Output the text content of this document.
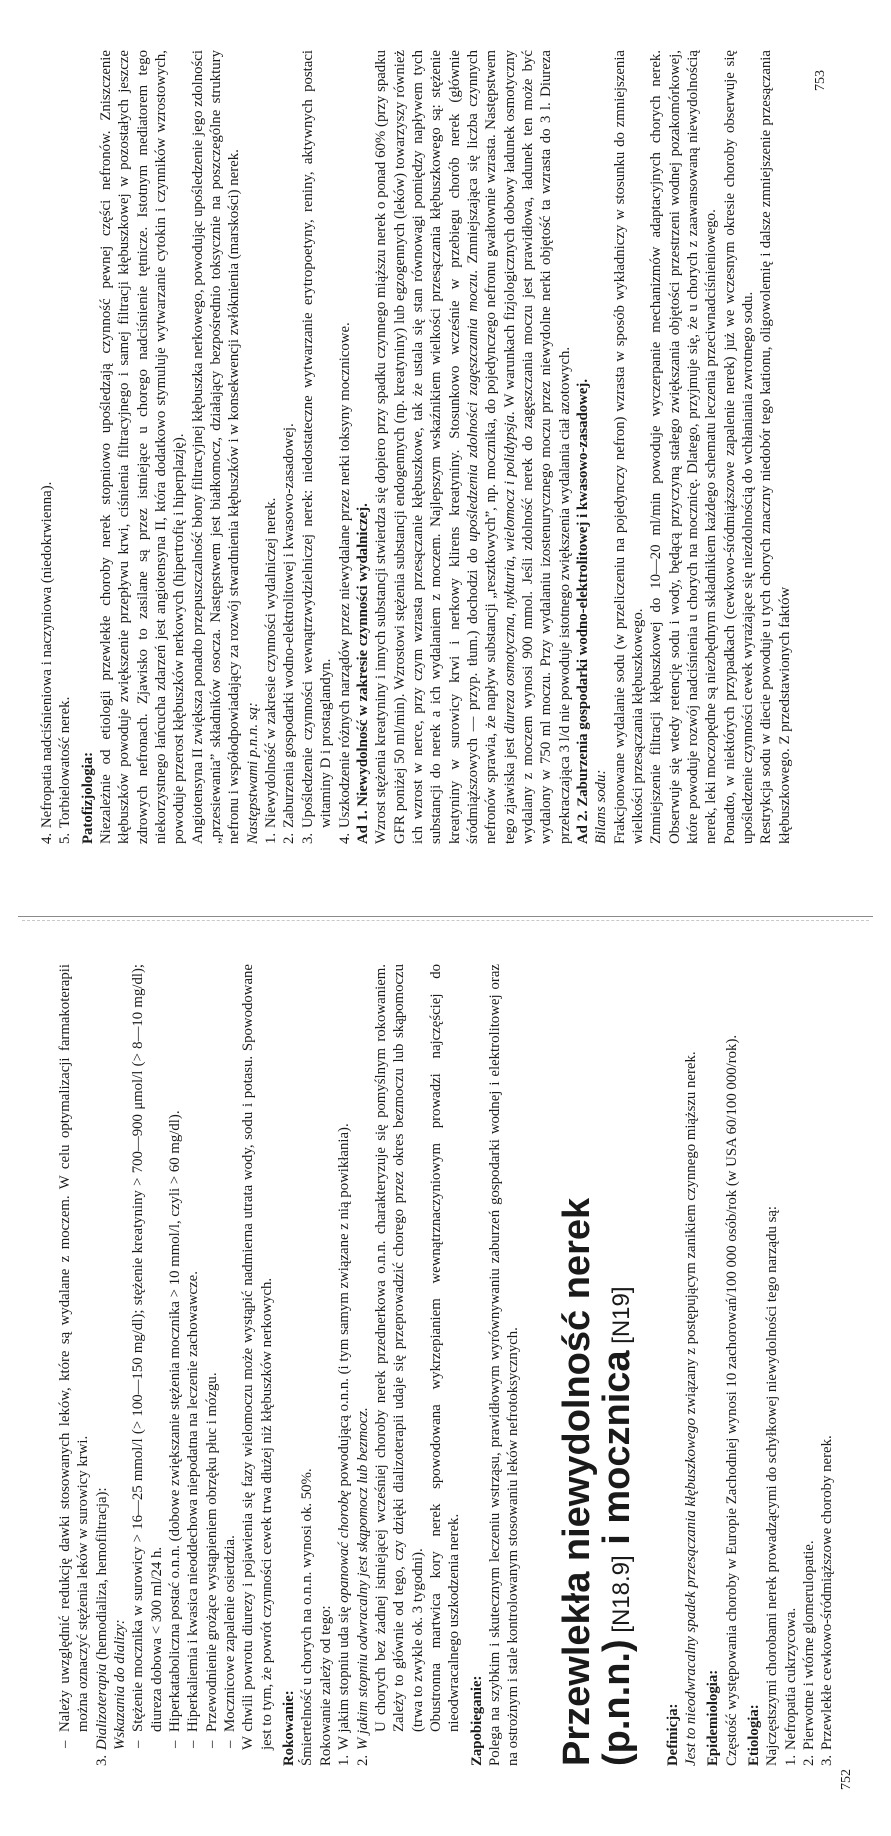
4.
Nefropatia nadciśnieniowa i naczyniowa (niedokrwienna).
5.
Torbielowatość nerek. Patofizjologia: Niezależnie od etiologii przewlekłe choroby nerek stopniowo upośledzają czynność pewnej części nefronów. Zniszczenie kłębuszków powoduje zwiększenie przepływu krwi, ciśnienia filtracyjnego i samej filtracji kłębuszkowej w pozostałych jeszcze zdrowych nefronach. Zjawisko to zasilane są przez istniejące u chorego nadciśnienie tętnicze. Istotnym mediatorem tego niekorzystnego łańcucha zdarzeń jest angiotensyna II, która dodatkowo stymuluje wytwarzanie cytokin i czynników wzrostowych, powoduje przerost kłębuszków nerkowych (hipertrofię i hiperplazję). Angiotensyna II zwiększa ponadto przepuszczalność błony filtracyjnej kłębuszka nerkowego, powodując upośledzenie jego zdolności „przesiewania” składników osocza. Następstwem jest białkomocz, działający bezpośrednio toksycznie na poszczególne struktury nefronu i współodpowiadający za rozwój stwardnienia kłębuszków i w konsekwencji zwłóknienia (marskości) nerek. Następstwami p.n.n. są: 1.
Niewydolność w zakresie czynności wydalniczej nerek.
2.
Zaburzenia gospodarki wodno-elektrolitowej i kwasowo-zasadowej.
3.
Upośledzenie czynności wewnątrzwydzielniczej nerek: niedostateczne wytwarzanie erytropoetyny, reniny, aktywnych postaci witaminy D i prostaglandyn.
4.
Uszkodzenie różnych narządów przez niewydalane przez nerki toksyny mocznicowe. Ad 1. Niewydolność w zakresie czynności wydalniczej. Wzrost stężenia kreatyniny i innych substancji stwierdza się dopiero przy spadku czynnego miąższu nerek o ponad 60% (przy spadku GFR poniżej 50 ml/min). Wzrostowi stężenia substancji endogennych (np. kreatyniny) lub egzogennych (leków) towarzyszy również ich wzrost w nerce, przy czym wzrasta przesączanie kłębuszkowe, tak że ustala się stan równowagi pomiędzy napływem tych substancji do nerek a ich wydalaniem z moczem. Najlepszym wskaźnikiem wielkości przesączania kłębuszkowego są: stężenie kreatyniny w surowicy krwi i nerkowy klirens kreatyniny. Stosunkowo wcześnie w przebiegu chorób nerek (głównie śródmiąższowych — przyp. tłum.) dochodzi do upośledzenia zdolności zagęszczania moczu. Zmniejszająca się liczba czynnych nefronów sprawia, że napływ substancji „resztkowych”, np. mocznika, do pojedynczego nefronu gwałtownie wzrasta. Następstwem tego zjawiska jest diureza osmotyczna, nykturia, wielomocz i polidypsja. W warunkach fizjologicznych dobowy ładunek osmotyczny wydalany z moczem wynosi 900 mmol. Jeśli zdolność nerek do zagęszczania moczu jest prawidłowa, ładunek ten może być wydalony w 750 ml moczu. Przy wydalaniu izostenurycznego moczu przez niewydolne nerki objętość ta wzrasta do 3 l. Diureza przekraczająca 3 l/d nie powoduje istotnego zwiększenia wydalania ciał azotowych. Ad 2. Zaburzenia gospodarki wodno-elektrolitowej i kwasowo-zasadowej. Bilans sodu: Frakcjonowane wydalanie sodu (w przeliczeniu na pojedynczy nefron) wzrasta w sposób wykładniczy w stosunku do zmniejszenia wielkości przesączania kłębuszkowego. Zmniejszenie filtracji kłębuszkowej do 10—20 ml/min powoduje wyczerpanie mechanizmów adaptacyjnych chorych nerek. Obserwuje się wtedy retencję sodu i wody, będącą przyczyną stałego zwiększania objętości przestrzeni wodnej pozakomórkowej, które powoduje rozwój nadciśnienia u chorych na mocznicę. Dlatego, przyjmuje się, że u chorych z zaawansowaną niewydolnością nerek, leki moczopędne są niezbędnym składnikiem każdego schematu leczenia przeciwnadciśnieniowego. Ponadto, w niektórych przypadkach (cewkowo-śródmiąższowe zapalenie nerek) już we wczesnym okresie choroby obserwuje się upośledzenie czynności cewek wyrażające się niezdolnością do wchłaniania zwrotnego sodu. Restrykcja sodu w diecie powoduje u tych chorych znaczny niedobór tego kationu, oligowolemię i dalsze zmniejszenie przesączania kłębuszkowego. Z przedstawionych faktów

753
–
Należy uwzględnić redukcję dawki stosowanych leków, które są wydalane z moczem. W celu optymalizacji farmakoterapii można oznaczyć stężenia leków w surowicy krwi.
3.
Dializoterapia (hemodializa, hemofiltracja):

Wskazania do dializy: –
Stężenie mocznika w surowicy > 16—25 mmol/l (> 100—150 mg/dl); stężenie kreatyniny > 700—900 μmol/l (> 8—10 mg/dl); diureza dobowa < 300 ml/24 h.
–
Hiperkataboliczna postać o.n.n. (dobowe zwiększanie stężenia mocznika > 10 mmol/l, czyli > 60 mg/dl).
–
Hiperkaliemia i kwasica nieoddechowa niepodatna na leczenie zachowawcze.
–
Przewodnienie grożące wystąpieniem obrzęku płuc i mózgu.
–
Mocznicowe zapalenie osierdzia. W chwili powrotu diurezy i pojawienia się fazy wielomoczu może wystąpić nadmierna utrata wody, sodu i potasu. Spowodowane jest to tym, że powrót czynności cewek trwa dłużej niż kłębuszków nerkowych. Rokowanie: Śmiertelność u chorych na o.n.n. wynosi ok. 50%. Rokowanie zależy od tego: 1.
W jakim stopniu uda się opanować chorobę powodującą o.n.n. (i tym samym związane z nią powikłania).
2.
W jakim stopniu odwracalny jest skąpomocz lub bezmocz. U chorych bez żadnej istniejącej wcześniej choroby nerek przednerkowa o.n.n. charakteryzuje się pomyślnym rokowaniem. Zależy to głównie od tego, czy dzięki dializoterapii udaje się przeprowadzić chorego przez okres bezmoczu lub skąpomoczu (trwa to zwykle ok. 3 tygodni). Obustronna martwica kory nerek spowodowana wykrzepianiem wewnątrznaczyniowym prowadzi najczęściej do nieodwracalnego uszkodzenia nerek. Zapobieganie: Polega na szybkim i skutecznym leczeniu wstrząsu, prawidłowym wyrównywaniu zaburzeń gospodarki wodnej i elektrolitowej oraz na ostrożnym i stale kontrolowanym stosowaniu leków nefrotoksycznych. Przewlekła niewydolność nerek
(p.n.n.) [N18.9] i mocznica [N19]

Definicja: Jest to nieodwracalny spadek przesączania kłębuszkowego związany z postępującym zanikiem czynnego miąższu nerek.

Epidemiologia: Częstość występowania choroby w Europie Zachodniej wynosi 10 zachorowań/100 000 osób/rok (w USA 60/100 000/rok). Etiologia: Najczęstszymi chorobami nerek prowadzącymi do schyłkowej niewydolności tego narządu są: 1.
Nefropatia cukrzycowa.
2.
Pierwotne i wtórne glomerulopatie.
3.
Przewlekłe cewkowo-śródmiąższowe choroby nerek.
752
